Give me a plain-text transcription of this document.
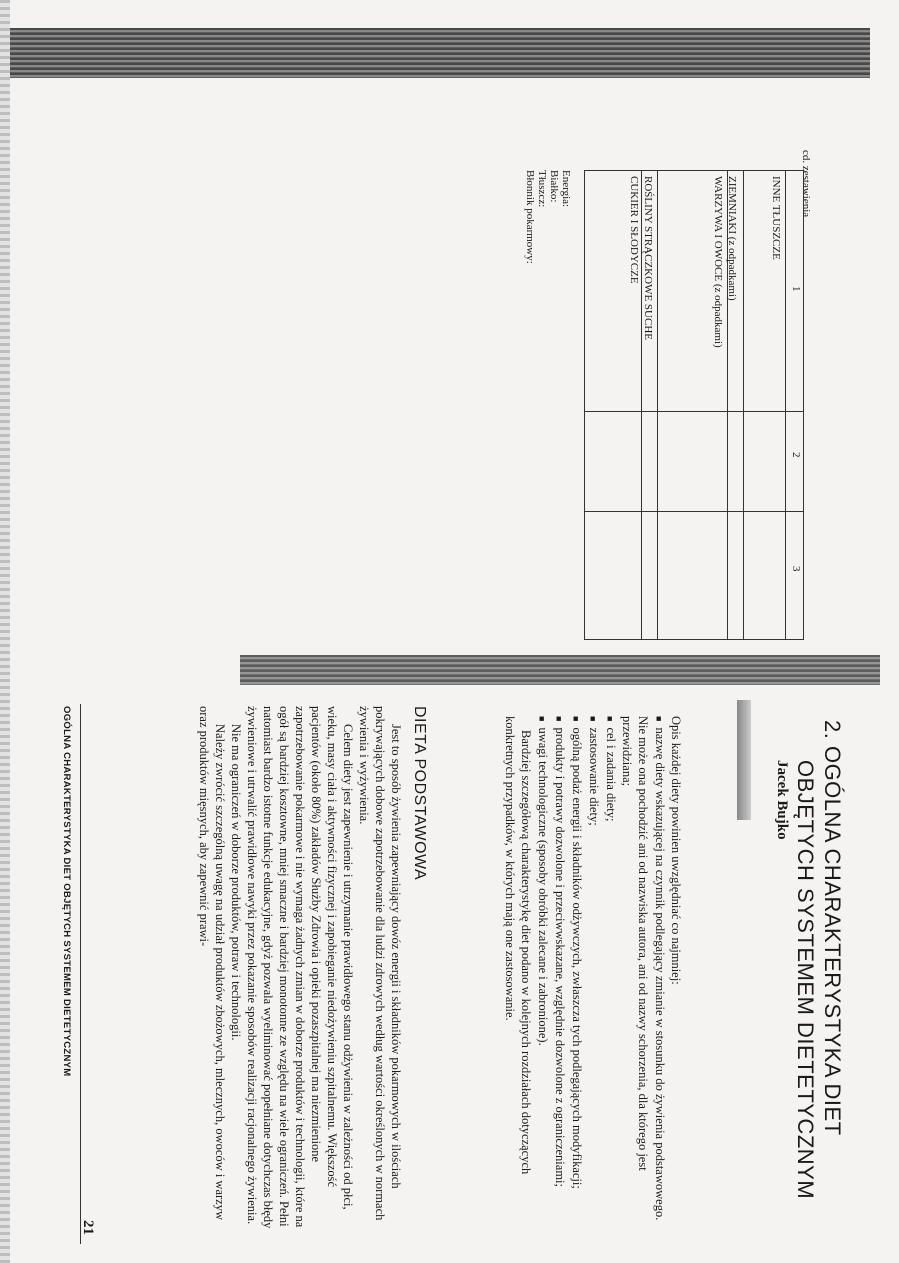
cd. zestawienia
1
2
3
INNE TŁUSZCZE
ZIEMNIAKI (z odpadkami)
WARZYWA I OWOCE (z odpadkami)
ROŚLINY STRĄCZKOWE SUCHE
CUKIER I SŁODYCZE
Energia:
Białko:
Tłuszcz:
Błonnik pokarmowy:
2. OGÓLNA CHARAKTERYSTYKA DIET
OBJĘTYCH SYSTEMEM DIETETYCZNYM
Jacek Bujko
Opis każdej diety powinien uwzględniać co najmniej:
■ nazwę diety wskazującej na czynnik podlegający zmianie w stosunku do żywienia podstawowego. Nie może ona pochodzić ani od nazwiska autora, ani od nazwy schorzenia, dla którego jest przewidziana;
■ cel i zadania diety;
■ zastosowanie diety;
■ ogólną podaż energii i składników odżywczych, zwłaszcza tych podlegających modyfikacji;
■ produkty i potrawy dozwolone i przeciwwskazane, względnie dozwolone z ograniczeniami;
■ uwagi technologiczne (sposoby obróbki zalecane i zabronione).
Bardziej szczegółową charakterystykę diet podano w kolejnych rozdziałach dotyczących konkretnych przypadków, w których mają one zastosowanie.
DIETA PODSTAWOWA
Jest to sposób żywienia zapewniający dowóz energii i składników pokarmowych w ilościach pokrywających dobowe zapotrzebowanie dla ludzi zdrowych według wartości określonych w normach żywienia i wyżywienia.
Celem diety jest zapewnienie i utrzymanie prawidłowego stanu odżywienia w zależności od płci, wieku, masy ciała i aktywności fizycznej i zapobieganie niedożywieniu szpitalnemu. Większość pacjentów (około 80%) zakładów Służby Zdrowia i opieki pozaszpitalnej ma niezmienione zapotrzebowanie pokarmowe i nie wymaga żadnych zmian w doborze produktów i technologii, które na ogół są bardziej kosztowne, mniej smaczne i bardziej monotonne ze względu na wiele ograniczeń. Pełni natomiast bardzo istotne funkcje edukacyjne, gdyż pozwala wyeliminować popełniane dotychczas błędy żywieniowe i utrwalić prawidłowe nawyki przez pokazanie sposobów realizacji racjonalnego żywienia.
Nie ma ograniczeń w doborze produktów, potraw i technologii.
Należy zwrócić szczególną uwagę na udział produktów zbożowych, mlecznych, owoców i warzyw oraz produktów mięsnych, aby zapewnić prawi-
OGÓLNA CHARAKTERYSTYKA DIET OBJĘTYCH SYSTEMEM DIETETYCZNYM
21
